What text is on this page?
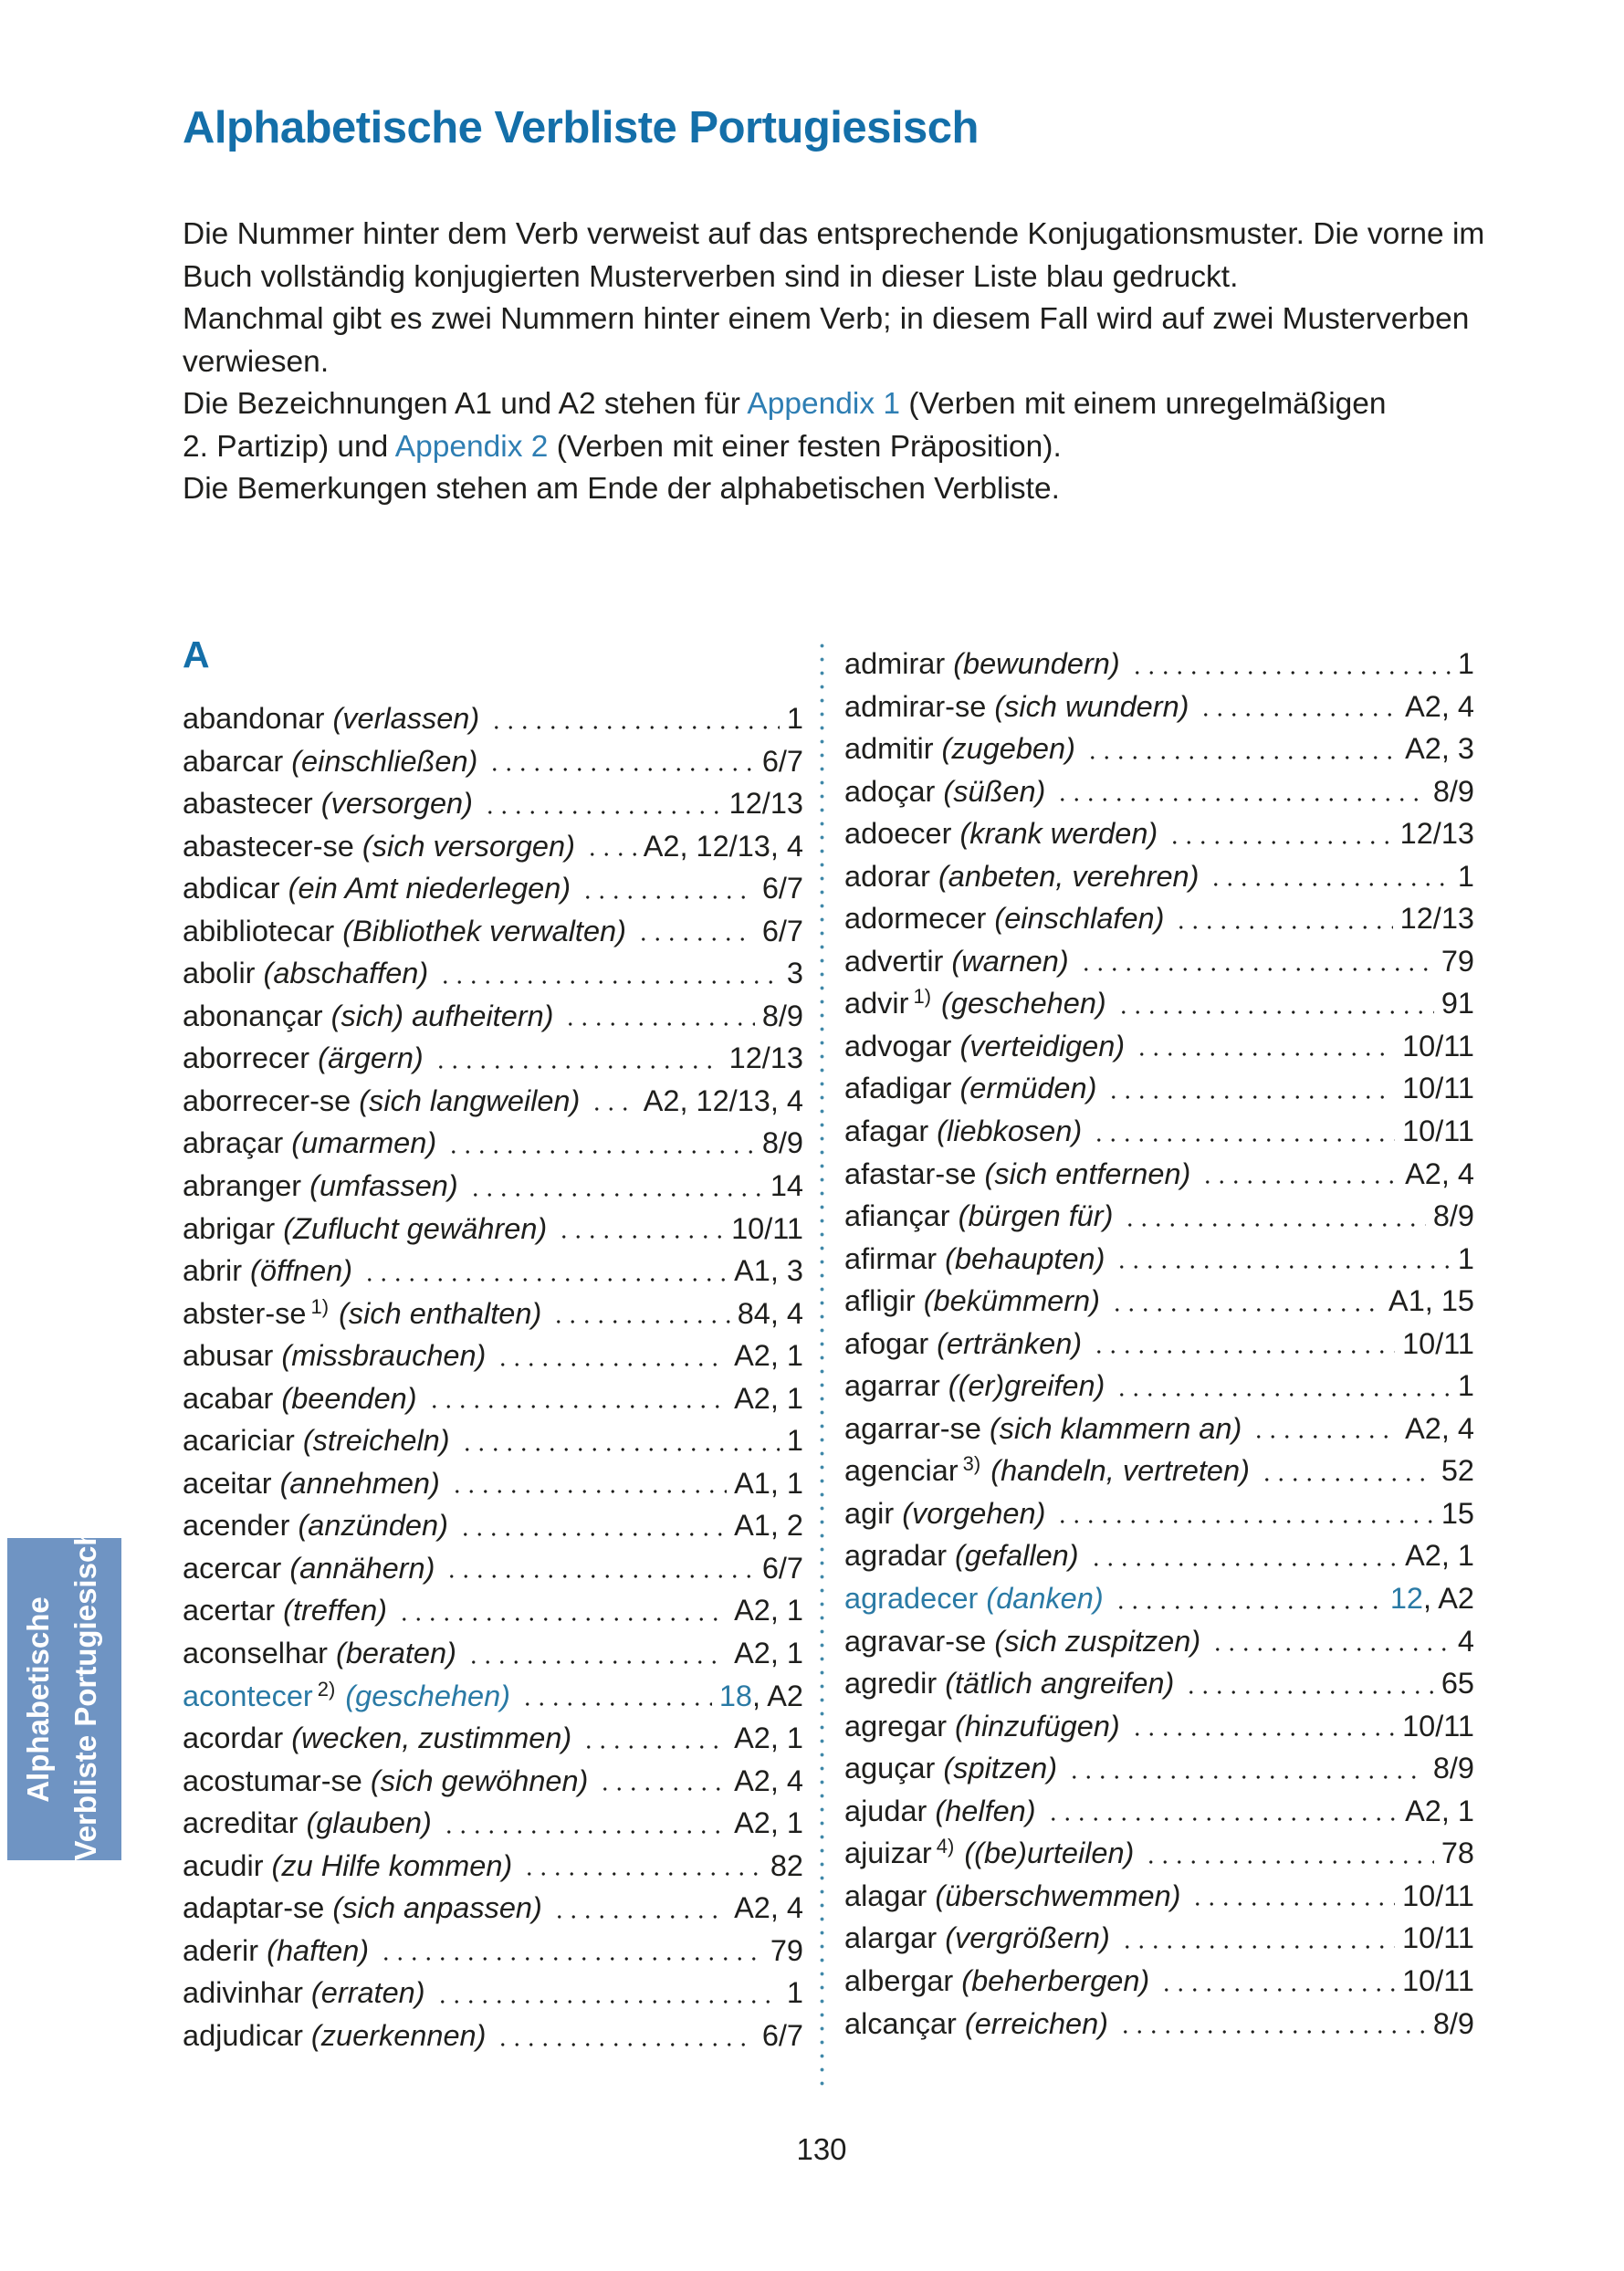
Alphabetische Verbliste Portugiesisch
Die Nummer hinter dem Verb verweist auf das entsprechende Konjugationsmuster. Die vorne im
Buch vollständig konjugierten Musterverben sind in dieser Liste blau gedruckt.
Manchmal gibt es zwei Nummern hinter einem Verb; in diesem Fall wird auf zwei Musterverben
verwiesen.
Die Bezeichnungen A1 und A2 stehen für Appendix 1 (Verben mit einem unregelmäßigen
2. Partizip) und Appendix 2 (Verben mit einer festen Präposition).
Die Bemerkungen stehen am Ende der alphabetischen Verbliste.
A
abandonar (verlassen)	1
abarcar (einschließen)	6/7
abastecer (versorgen)	12/13
abastecer-se (sich versorgen) A2, 12/13, 4
abdicar (ein Amt niederlegen)	6/7
abibliotecar (Bibliothek verwalten)	6/7
abolir (abschaffen)	3
abonançar (sich) aufheitern)	8/9
aborrecer (ärgern)	12/13
aborrecer-se (sich langweilen) A2, 12/13, 4
abraçar (umarmen)	8/9
abranger (umfassen)	14
abrigar (Zuflucht gewähren)	10/11
abrir (öffnen)	A1, 3
abster-se 1) (sich enthalten)	84, 4
abusar (missbrauchen)	A2, 1
acabar (beenden)	A2, 1
acariciar (streicheln)	1
aceitar (annehmen)	A1, 1
acender (anzünden)	A1, 2
acercar (annähern)	6/7
acertar (treffen)	A2, 1
aconselhar (beraten)	A2, 1
acontecer 2) (geschehen)	18, A2
acordar (wecken, zustimmen)	A2, 1
acostumar-se (sich gewöhnen)	A2, 4
acreditar (glauben)	A2, 1
acudir (zu Hilfe kommen)	82
adaptar-se (sich anpassen)	A2, 4
aderir (haften)	79
adivinhar (erraten)	1
adjudicar (zuerkennen)	6/7
admirar (bewundern)	1
admirar-se (sich wundern)	A2, 4
admitir (zugeben)	A2, 3
adoçar (süßen)	8/9
adoecer (krank werden)	12/13
adorar (anbeten, verehren)	1
adormecer (einschlafen)	12/13
advertir (warnen)	79
advir 1) (geschehen)	91
advogar (verteidigen)	10/11
afadigar (ermüden)	10/11
afagar (liebkosen)	10/11
afastar-se (sich entfernen)	A2, 4
afiançar (bürgen für)	8/9
afirmar (behaupten)	1
afligir (bekümmern)	A1, 15
afogar (ertränken)	10/11
agarrar ((er)greifen)	1
agarrar-se (sich klammern an)	A2, 4
agenciar 3) (handeln, vertreten)	52
agir (vorgehen)	15
agradar (gefallen)	A2, 1
agradecer (danken)	12, A2
agravar-se (sich zuspitzen)	4
agredir (tätlich angreifen)	65
agregar (hinzufügen)	10/11
aguçar (spitzen)	8/9
ajudar (helfen)	A2, 1
ajuizar 4) ((be)urteilen)	78
alagar (überschwemmen)	10/11
alargar (vergrößern)	10/11
albergar (beherbergen)	10/11
alcançar (erreichen)	8/9
Alphabetische Verbliste Portugiesisch
130
